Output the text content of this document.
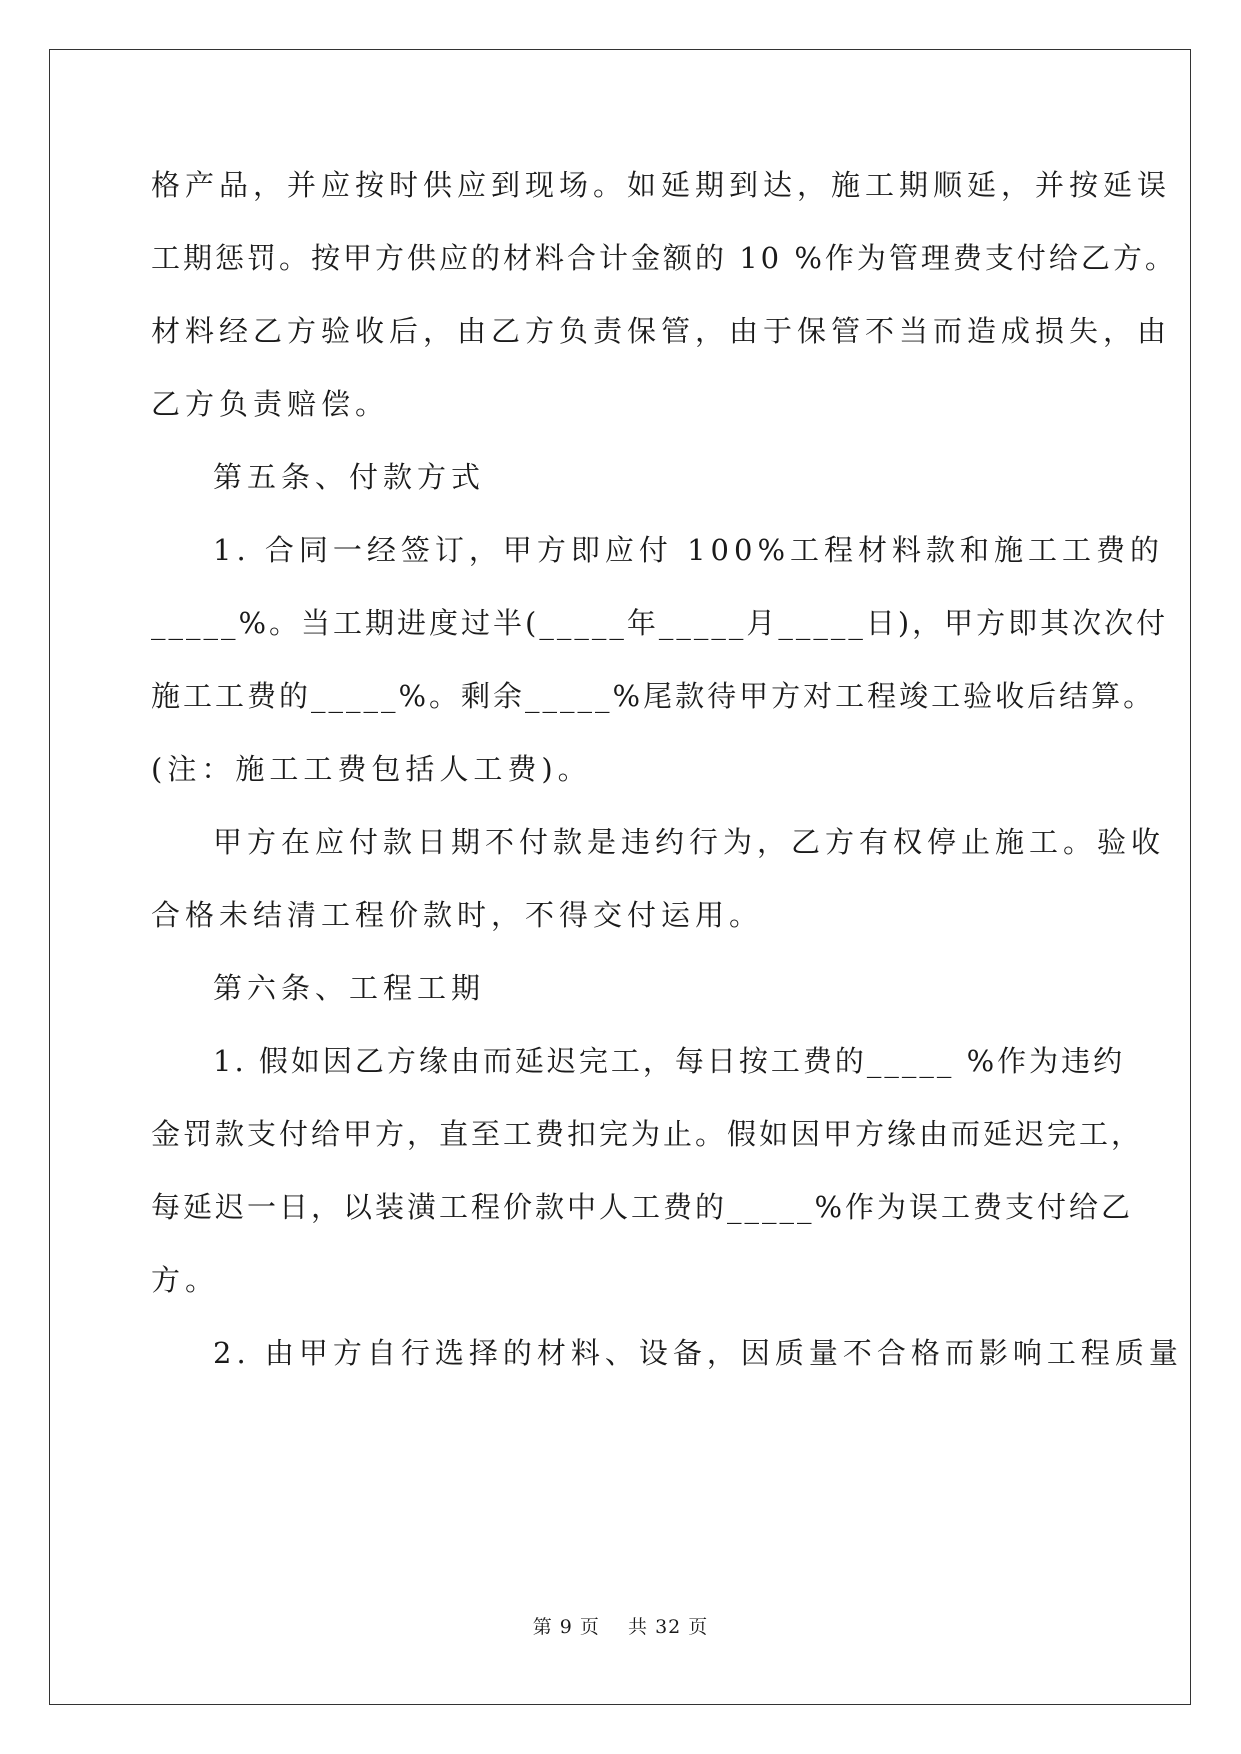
格产品，并应按时供应到现场。如延期到达，施工期顺延，并按延误
工期惩罚。按甲方供应的材料合计金额的 10 %作为管理费支付给乙方。
材料经乙方验收后，由乙方负责保管，由于保管不当而造成损失，由
乙方负责赔偿。
第五条、付款方式
1. 合同一经签订，甲方即应付 100%工程材料款和施工工费的
_____%。当工期进度过半(_____年_____月_____日)，甲方即其次次付
施工工费的_____%。剩余_____%尾款待甲方对工程竣工验收后结算。
(注：施工工费包括人工费)。
甲方在应付款日期不付款是违约行为，乙方有权停止施工。验收
合格未结清工程价款时，不得交付运用。
第六条、工程工期
1. 假如因乙方缘由而延迟完工，每日按工费的_____ %作为违约
金罚款支付给甲方，直至工费扣完为止。假如因甲方缘由而延迟完工，
每延迟一日，以装潢工程价款中人工费的_____%作为误工费支付给乙
方。
2. 由甲方自行选择的材料、设备，因质量不合格而影响工程质量
第 9 页 共 32 页
